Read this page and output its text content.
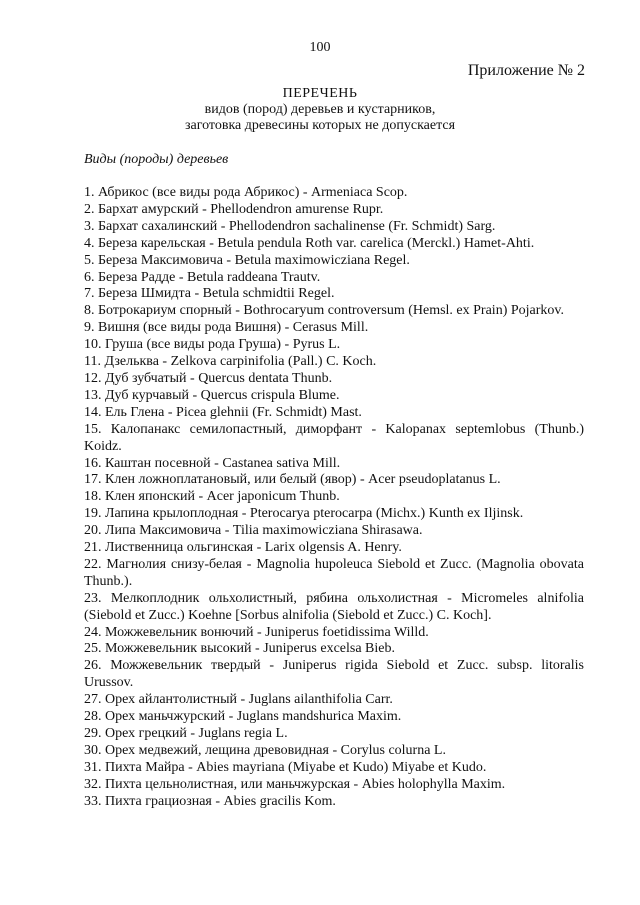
100
Приложение № 2
ПЕРЕЧЕНЬ
видов (пород) деревьев и кустарников,
заготовка древесины которых не допускается
Виды (породы) деревьев
1. Абрикос (все виды рода Абрикос) - Armeniaca Scop.
2. Бархат амурский - Phellodendron amurense Rupr.
3. Бархат сахалинский - Phellodendron sachalinense (Fr. Schmidt) Sarg.
4. Береза карельская - Betula pendula Roth var. carelica (Merckl.) Hamet-Ahti.
5. Береза Максимовича - Betula maximowicziana Regel.
6. Береза Радде - Betula raddeana Trautv.
7. Береза Шмидта - Betula schmidtii Regel.
8. Ботрокариум спорный - Bothrocaryum controversum (Hemsl. ex Prain) Pojarkov.
9. Вишня (все виды рода Вишня) - Cerasus Mill.
10. Груша (все виды рода Груша) - Pyrus L.
11. Дзельква - Zelkova carpinifolia (Pall.) C. Koch.
12. Дуб зубчатый - Quercus dentata Thunb.
13. Дуб курчавый - Quercus crispula Blume.
14. Ель Глена - Picea glehnii (Fr. Schmidt) Mast.
15. Калопанакс семилопастный, диморфант - Kalopanax septemlobus (Thunb.) Koidz.
16. Каштан посевной - Castanea sativa Mill.
17. Клен ложноплатановый, или белый (явор) - Acer pseudoplatanus L.
18. Клен японский - Acer japonicum Thunb.
19. Лапина крылоплодная - Pterocarya pterocarpa (Michx.) Kunth ex Iljinsk.
20. Липа Максимовича - Tilia maximowicziana Shirasawa.
21. Лиственница ольгинская - Larix olgensis A. Henry.
22. Магнолия снизу-белая - Magnolia hupoleuca Siebold et Zucc. (Magnolia obovata Thunb.).
23. Мелкоплодник ольхолистный, рябина ольхолистная - Micromeles alnifolia (Siebold et Zucc.) Koehne [Sorbus alnifolia (Siebold et Zucc.) C. Koch].
24. Можжевельник вонючий - Juniperus foetidissima Willd.
25. Можжевельник высокий - Juniperus excelsa Bieb.
26. Можжевельник твердый - Juniperus rigida Siebold et Zucc. subsp. litoralis Urussov.
27. Орех айлантолистный - Juglans ailanthifolia Carr.
28. Орех маньчжурский - Juglans mandshurica Maxim.
29. Орех грецкий - Juglans regia L.
30. Орех медвежий, лещина древовидная - Corylus colurna L.
31. Пихта Майра - Abies mayriana (Miyabe et Kudo) Miyabe et Kudo.
32. Пихта цельнолистная, или маньчжурская - Abies holophylla Maxim.
33. Пихта грациозная - Abies gracilis Kom.
